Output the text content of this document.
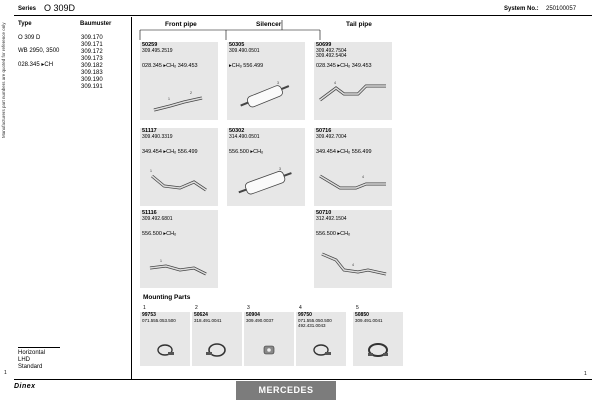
Manufacturers part numbers are quoted for reference only
Series O 309D	System No.: 250100057
Type	Baumuster
O 309 D
WB 2950, 3500
028.345 ▸CH
309.170
309.171
309.172
309.173
309.182
309.183
309.190
309.191
Horizontal
LHD
Standard
Front pipe	Silencer	Tail pipe
50259
309.495.2519
028.345 ▸CHₒ 349.453
1
2
50305
309.490.0501
▸CHₒ 556.499
3
50699
309.492.7504
309.492.5404
028.345 ▸CHₒ 349.453
4
51117
309.490.3319
349.454 ▸CHₒ 556.499
1
50302
314.490.0501
556.500 ▸CHₒ
3
50716
309.492.7004
349.454 ▸CHₒ 556.499
4
51116
309.492.6801
556.500 ▸CHₒ
1
50710
312.492.1504
556.500 ▸CHₒ
4
Mounting Parts
1
99753
071.555.053.500
2
50624
318.491.0041
3
50904
309.490.0037
4
99750
071.555.050.500
492.431.0043
5
50850
309.491.0041
1	1
Dinex	MERCEDES
